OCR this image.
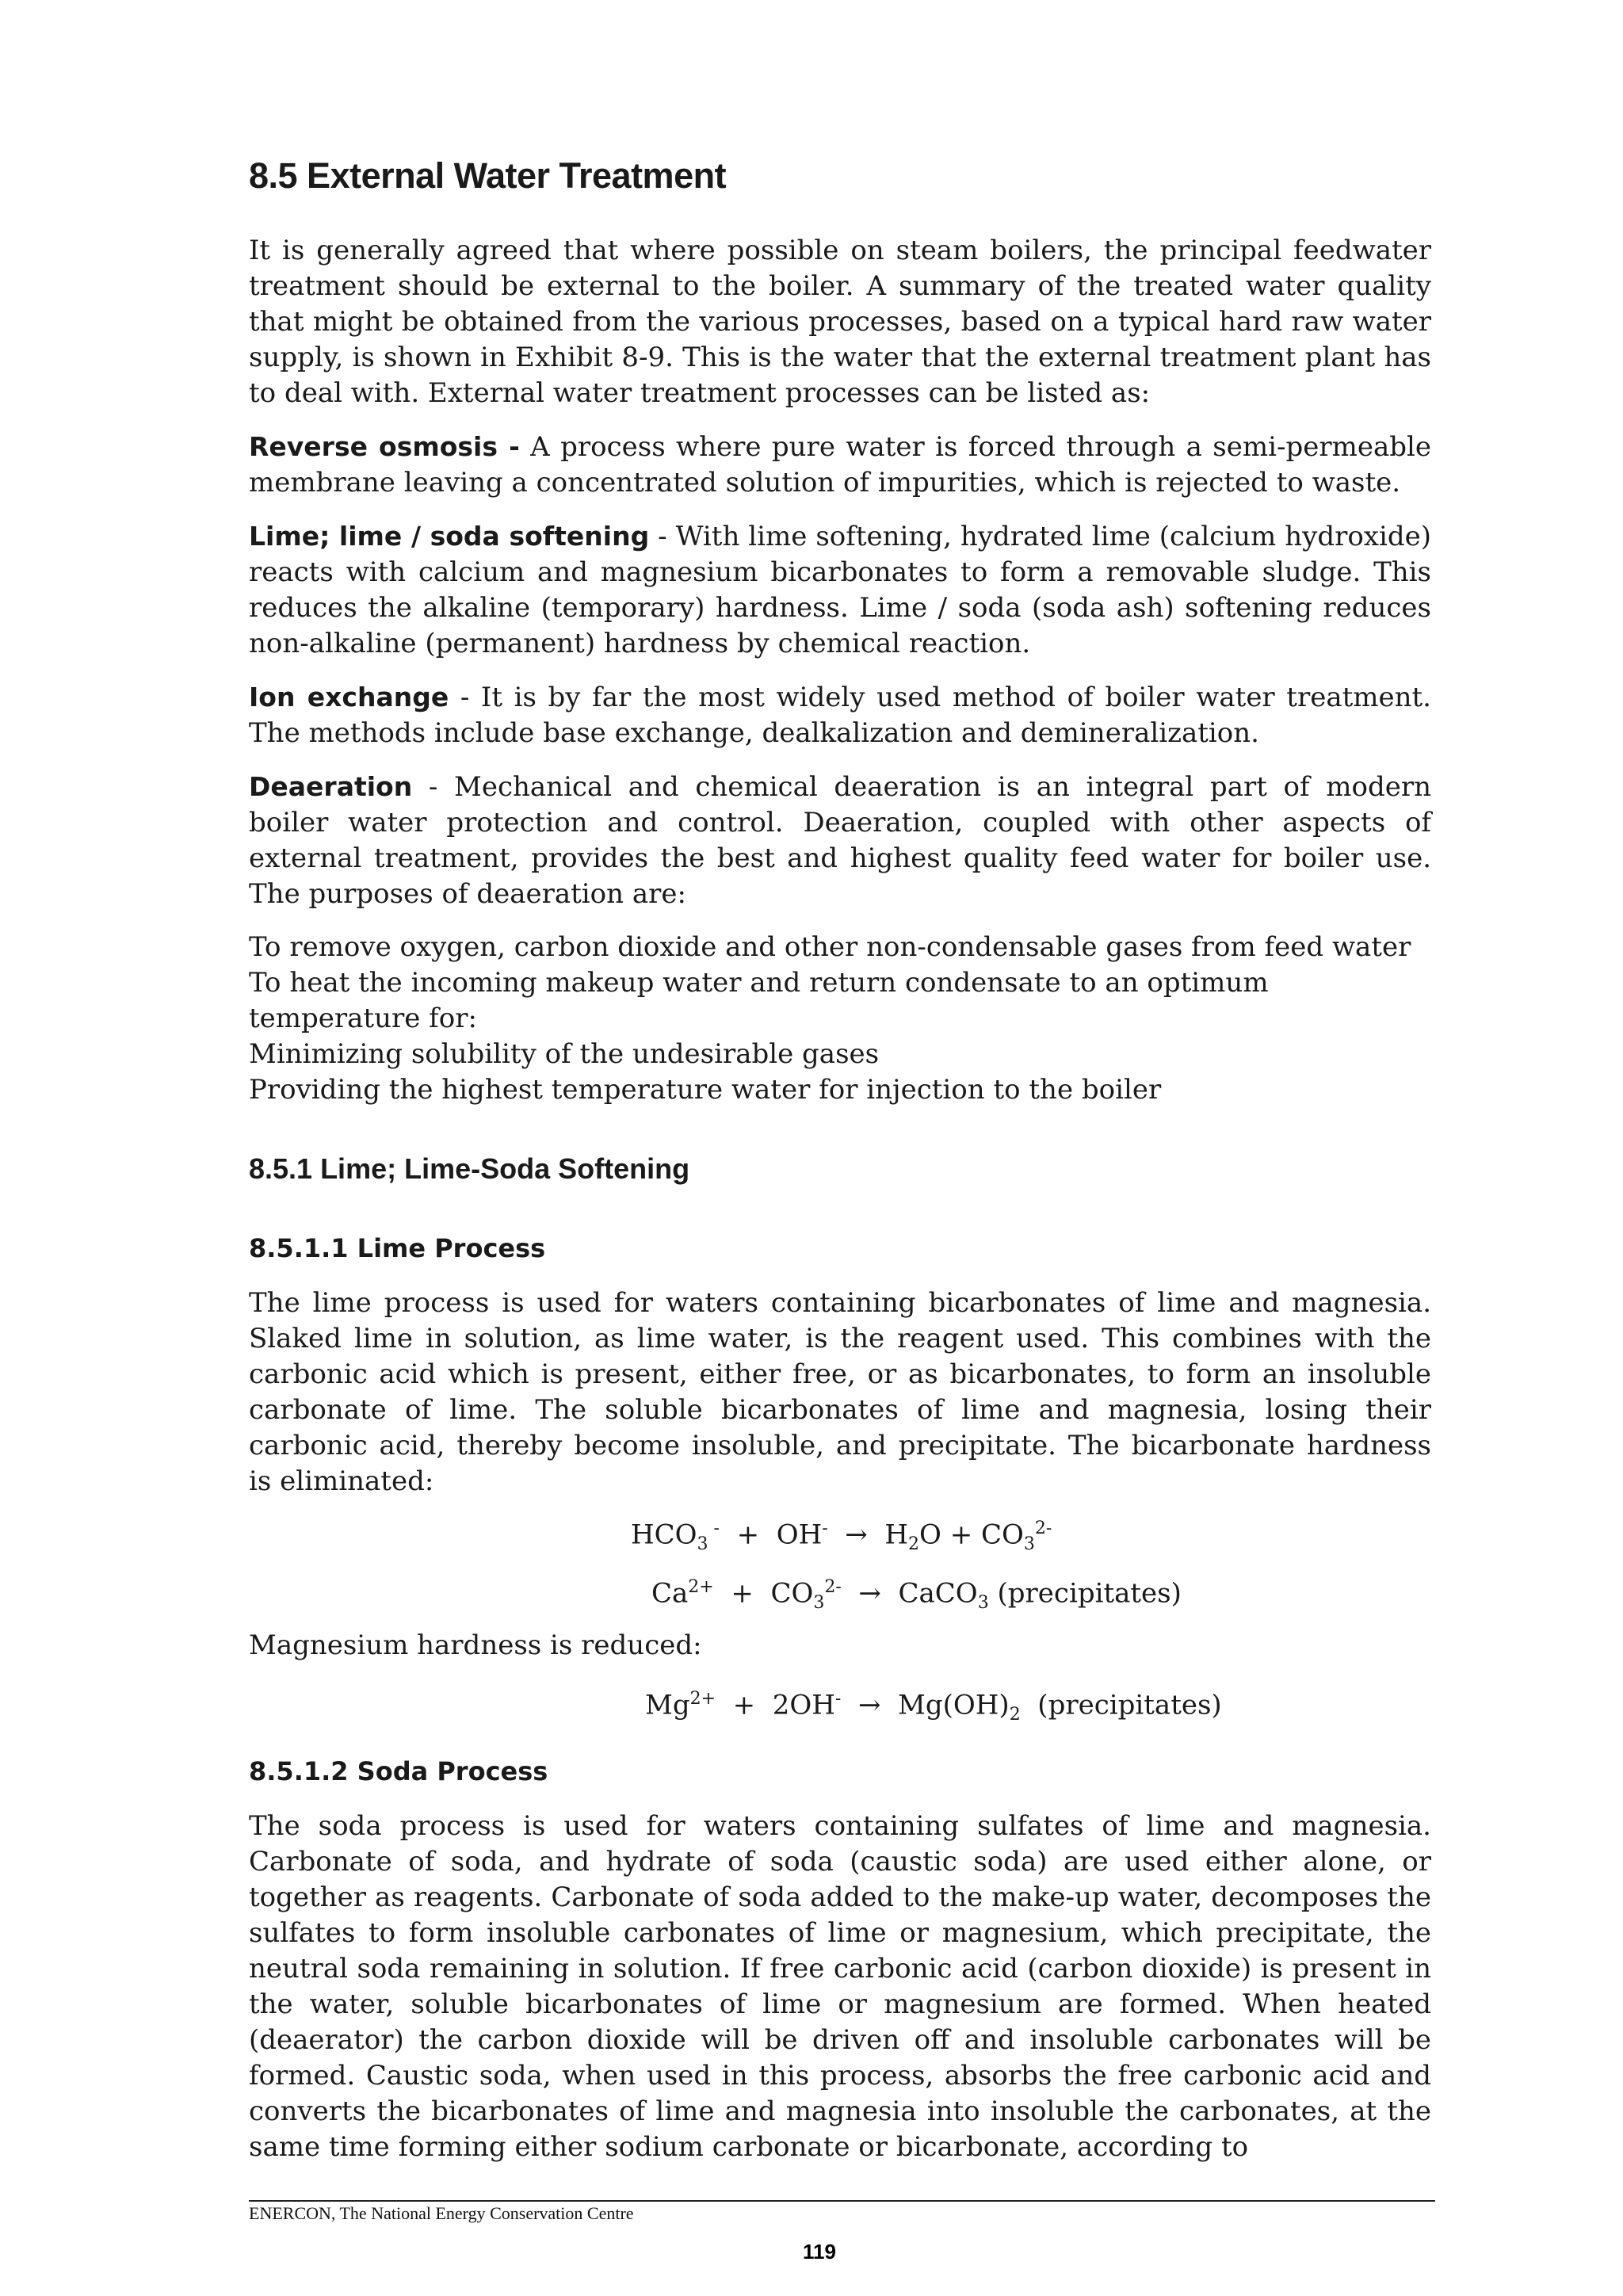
8.5 External Water Treatment

It is generally agreed that where possible on steam boilers, the principal feedwater treatment should be external to the boiler. A summary of the treated water quality that might be obtained from the various processes, based on a typical hard raw water supply, is shown in Exhibit 8-9. This is the water that the external treatment plant has to deal with. External water treatment processes can be listed as:

Reverse osmosis - A process where pure water is forced through a semi-permeable membrane leaving a concentrated solution of impurities, which is rejected to waste.

Lime; lime / soda softening - With lime softening, hydrated lime (calcium hydroxide) reacts with calcium and magnesium bicarbonates to form a removable sludge. This reduces the alkaline (temporary) hardness. Lime / soda (soda ash) softening reduces non-alkaline (permanent) hardness by chemical reaction.

Ion exchange - It is by far the most widely used method of boiler water treatment. The methods include base exchange, dealkalization and demineralization.

Deaeration - Mechanical and chemical deaeration is an integral part of modern boiler water protection and control. Deaeration, coupled with other aspects of external treatment, provides the best and highest quality feed water for boiler use. The purposes of deaeration are:

To remove oxygen, carbon dioxide and other non-condensable gases from feed water
To heat the incoming makeup water and return condensate to an optimum temperature for:
Minimizing solubility of the undesirable gases
Providing the highest temperature water for injection to the boiler
8.5.1 Lime; Lime-Soda Softening
8.5.1.1 Lime Process

The lime process is used for waters containing bicarbonates of lime and magnesia. Slaked lime in solution, as lime water, is the reagent used. This combines with the carbonic acid which is present, either free, or as bicarbonates, to form an insoluble carbonate of lime. The soluble bicarbonates of lime and magnesia, losing their carbonic acid, thereby become insoluble, and precipitate. The bicarbonate hardness is eliminated:

$HCO_3$ $^- + OH^- \to H_2O + CO_3^{2-}$
$Ca^{2+} + CO_3^{2-}$  →  CaCO$_3$ (precipitates)
Magnesium hardness is reduced:
$Mg^{2+} + 2OH^- \to Mg(OH)_2$  (precipitates)
8.5.1.2 Soda Process

The soda process is used for waters containing sulfates of lime and magnesia. Carbonate of soda, and hydrate of soda (caustic soda) are used either alone, or together as reagents. Carbonate of soda added to the make-up water, decomposes the sulfates to form insoluble carbonates of lime or magnesium, which precipitate, the neutral soda remaining in solution. If free carbonic acid (carbon dioxide) is present in the water, soluble bicarbonates of lime or magnesium are formed. When heated (deaerator) the carbon dioxide will be driven off and insoluble carbonates will be formed. Caustic soda, when used in this process, absorbs the free carbonic acid and converts the bicarbonates of lime and magnesia into insoluble the carbonates, at the same time forming either sodium carbonate or bicarbonate, according to

ENERCON, The National Energy Conservation Centre
119
